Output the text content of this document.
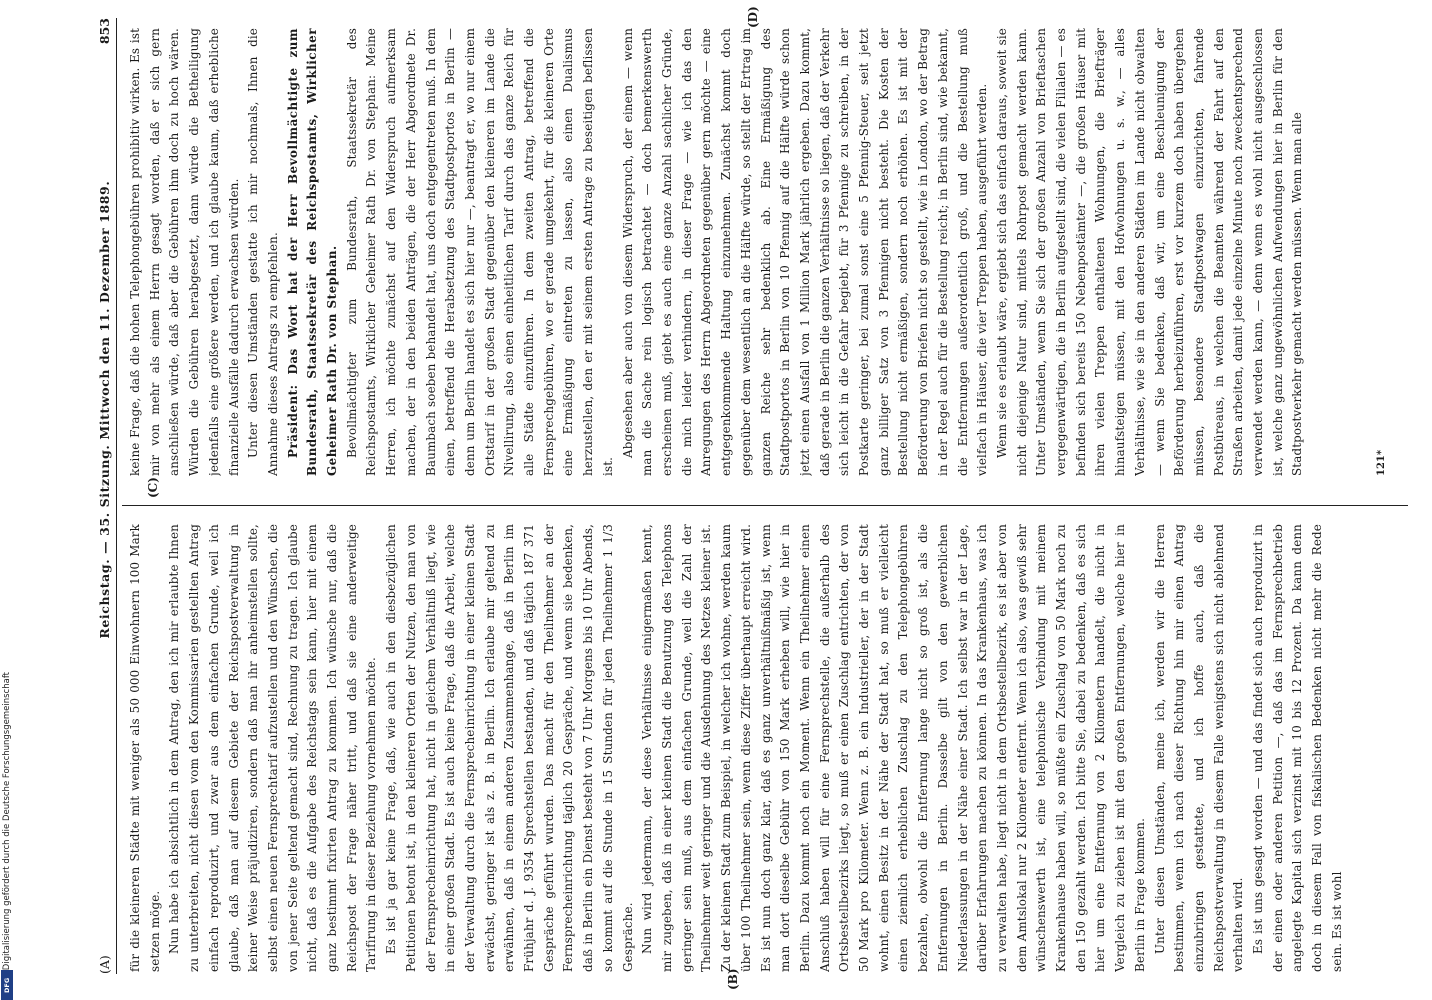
Digitalisierung gefördert durch die Deutsche Forschungsgemeinschaft
DFG
(A)
Reichstag. — 35. Sitzung. Mittwoch den 11. Dezember 1889.
853

für die kleineren Städte mit weniger als 50 000 Einwohnern 100 Mark setzen möge. Nun habe ich absichtlich in dem Antrag, den ich mir erlaubte Ihnen zu unterbreiten, nicht diesen vom den Kommissarien gestellten Antrag einfach reproduzirt, und zwar aus dem einfachen Grunde, weil ich glaube, daß man auf diesem Gebiete der Reichspostverwaltung in keiner Weise präjudiziren, sondern daß man ihr anheimstellen sollte, selbst einen neuen Fernsprechtarif aufzustellen und den Wünschen, die von jener Seite geltend gemacht sind, Rechnung zu tragen. Ich glaube nicht, daß es die Aufgabe des Reichstags sein kann, hier mit einem ganz bestimmt fixirten Antrag zu kommen. Ich wünsche nur, daß die Reichspost der Frage näher tritt, und daß sie eine anderweitige Tarifirung in dieser Beziehung vornehmen möchte. Es ist ja gar keine Frage, daß, wie auch in den diesbezüglichen Petitionen betont ist, in den kleineren Orten der Nutzen, den man von der Fernsprecheinrichtung hat, nicht in gleichem Verhältniß liegt, wie in einer großen Stadt. Es ist auch keine Frage, daß die Arbeit, welche der Verwaltung durch die Fernsprecheinrichtung in einer kleinen Stadt erwächst, geringer ist als z. B. in Berlin. Ich erlaube mir geltend zu erwähnen, daß in einem anderen Zusammenhange, daß in Berlin im Frühjahr d. J. 9354 Sprechstellen bestanden, und daß täglich 187 371 Gespräche geführt wurden. Das macht für den Theilnehmer an der Fernsprecheinrichtung täglich 20 Gespräche, und wenn sie bedenken, daß in Berlin ein Dienst besteht von 7 Uhr Morgens bis 10 Uhr Abends, so kommt auf die Stunde in 15 Stunden für jeden Theilnehmer 1 1/3 Gespräche. Nun wird jedermann, der diese Verhältnisse einigermaßen kennt, mir zugeben, daß in einer kleinen Stadt die Benutzung des Telephons geringer sein muß, aus dem einfachen Grunde, weil die Zahl der Theilnehmer weit geringer und die Ausdehnung des Netzes kleiner ist. Zu der kleinen Stadt zum Beispiel, in welcher ich wohne, werden kaum über 100 Theilnehmer sein, wenn diese Ziffer überhaupt erreicht wird. Es ist nun doch ganz klar, daß es ganz unverhältnißmäßig ist, wenn man dort dieselbe Gebühr von 150 Mark erheben will, wie hier in Berlin. Dazu kommt noch ein Moment. Wenn ein Theilnehmer einen Anschluß haben will für eine Fernsprechstelle, die außerhalb des Ortsbestellbezirks liegt, so muß er einen Zuschlag entrichten, der von 50 Mark pro Kilometer. Wenn z. B. ein Industrieller, der in der Stadt wohnt, einen Besitz in der Nähe der Stadt hat, so muß er vielleicht einen ziemlich erheblichen Zuschlag zu den Telephongebühren bezahlen, obwohl die Entfernung lange nicht so groß ist, als die Entfernungen in Berlin. Dasselbe gilt von den gewerblichen Niederlassungen in der Nähe einer Stadt. Ich selbst war in der Lage, darüber Erfahrungen machen zu können. In das Krankenhaus, was ich zu verwalten habe, liegt nicht in dem Ortsbestellbezirk, es ist aber von dem Amtslokal nur 2 Kilometer entfernt. Wenn ich also, was gewiß sehr wünschenswerth ist, eine telephonische Verbindung mit meinem Krankenhause haben will, so müßte ein Zuschlag von 50 Mark noch zu den 150 gezahlt werden. Ich bitte Sie, dabei zu bedenken, daß es sich hier um eine Entfernung von 2 Kilometern handelt, die nicht in Vergleich zu ziehen ist mit den großen Entfernungen, welche hier in Berlin in Frage kommen. Unter diesen Umständen, meine ich, werden wir die Herren bestimmen, wenn ich nach dieser Richtung hin mir einen Antrag einzubringen gestattete, und ich hoffe auch, daß die Reichspostverwaltung in diesem Falle wenigstens sich nicht ablehnend verhalten wird. Es ist uns gesagt worden — und das findet sich auch reproduzirt in der einen oder anderen Petition —, daß das im Fernsprechbetrieb angelegte Kapital sich verzinst mit 10 bis 12 Prozent. Da kann denn doch in diesem Fall von fiskalischen Bedenken nicht mehr die Rede sein. Es ist wohl

keine Frage, daß die hohen Telephongebühren prohibitiv wirken. Es ist mir von mehr als einem Herrn gesagt worden, daß er sich gern anschließen würde, daß aber die Gebühren ihm doch zu hoch wären. Würden die Gebühren herabgesetzt, dann würde die Betheiligung jedenfalls eine größere werden, und ich glaube kaum, daß erhebliche finanzielle Ausfälle dadurch erwachsen würden. Unter diesen Umständen gestatte ich mir nochmals, Ihnen die Annahme dieses Antrags zu empfehlen. Präsident: Das Wort hat der Herr Bevollmächtigte zum Bundesrath, Staatssekretär des Reichspostamts, Wirklicher Geheimer Rath Dr. von Stephan. Bevollmächtigter zum Bundesrath, Staatssekretär des Reichspostamts, Wirklicher Geheimer Rath Dr. von Stephan: Meine Herren, ich möchte zunächst auf den Widerspruch aufmerksam machen, der in den beiden Anträgen, die der Herr Abgeordnete Dr. Baumbach soeben behandelt hat, uns doch entgegentreten muß. In dem einen, betreffend die Herabsetzung des Stadtpostportos in Berlin — denn um Berlin handelt es sich hier nur —, beantragt er, wo nur einem Ortstarif in der großen Stadt gegenüber den kleineren im Lande die Nivellirung, also einen einheitlichen Tarif durch das ganze Reich für alle Städte einzuführen. In dem zweiten Antrag, betreffend die Fernsprechgebühren, wo er gerade umgekehrt, für die kleineren Orte eine Ermäßigung eintreten zu lassen, also einen Dualismus herzustellen, den er mit seinem ersten Antrage zu beseitigen beflissen ist.

Abgesehen aber auch von diesem Widerspruch, der einem — wenn man die Sache rein logisch betrachtet — doch bemerkenswerth erscheinen muß, giebt es auch eine ganze Anzahl sachlicher Gründe, die mich leider verhindern, in dieser Frage — wie ich das den Anregungen des Herrn Abgeordneten gegenüber gern möchte — eine entgegenkommende Haltung einzunehmen. Zunächst kommt doch gegenüber dem wesentlich an die Hälfte würde, so stellt der Ertrag im ganzen Reiche sehr bedenklich ab. Eine Ermäßigung des Stadtpostportos in Berlin von 10 Pfennig auf die Hälfte würde schon jetzt einen Ausfall von 1 Million Mark jährlich ergeben. Dazu kommt, daß gerade in Berlin die ganzen Verhältnisse so liegen, daß der Verkehr sich leicht in die Gefahr begiebt, für 3 Pfennige zu schreiben, in der Postkarte geringer, bei zumal sonst eine 5 Pfennig-Steuer, seit jetzt ganz billiger Satz von 3 Pfennigen nicht besteht. Die Kosten der Bestellung nicht ermäßigen, sondern noch erhöhen. Es ist mit der Beförderung von Briefen nicht so gestellt, wie in London, wo der Betrag in der Regel auch für die Bestellung reicht; in Berlin sind, wie bekannt, die Entfernungen außerordentlich groß, und die Bestellung muß vielfach in Häuser, die vier Treppen haben, ausgeführt werden. Wenn sie es erlaubt wäre, ergiebt sich das einfach daraus, soweit sie nicht diejenige Natur sind, mittels Rohrpost gemacht werden kann. Unter Umständen, wenn Sie sich der großen Anzahl von Brieftaschen vergegenwärtigen, die in Berlin aufgestellt sind, die vielen Filialen — es befinden sich bereits 150 Nebenpostämter —, die großen Häuser mit ihren vielen Treppen enthaltenen Wohnungen, die Briefträger hinaufsteigen müssen, mit den Hofwohnungen u. s. w., — alles Verhältnisse, wie sie in den anderen Städten im Lande nicht obwalten — wenn Sie bedenken, daß wir, um eine Beschleunigung der Beförderung herbeizuführen, erst vor kurzem doch haben übergehen müssen, besondere Stadtpostwagen einzurichten, fahrende Postbüreaus, in welchen die Beamten während der Fahrt auf den Straßen arbeiten, damit jede einzelne Minute noch zweckentsprechend verwendet werden kann, — denn wenn es wohl nicht ausgeschlossen ist, welche ganz ungewöhnlichen Aufwendungen hier in Berlin für den Stadtpostverkehr gemacht werden müssen. Wenn man alle

(C)
(B)
(D)
121*
